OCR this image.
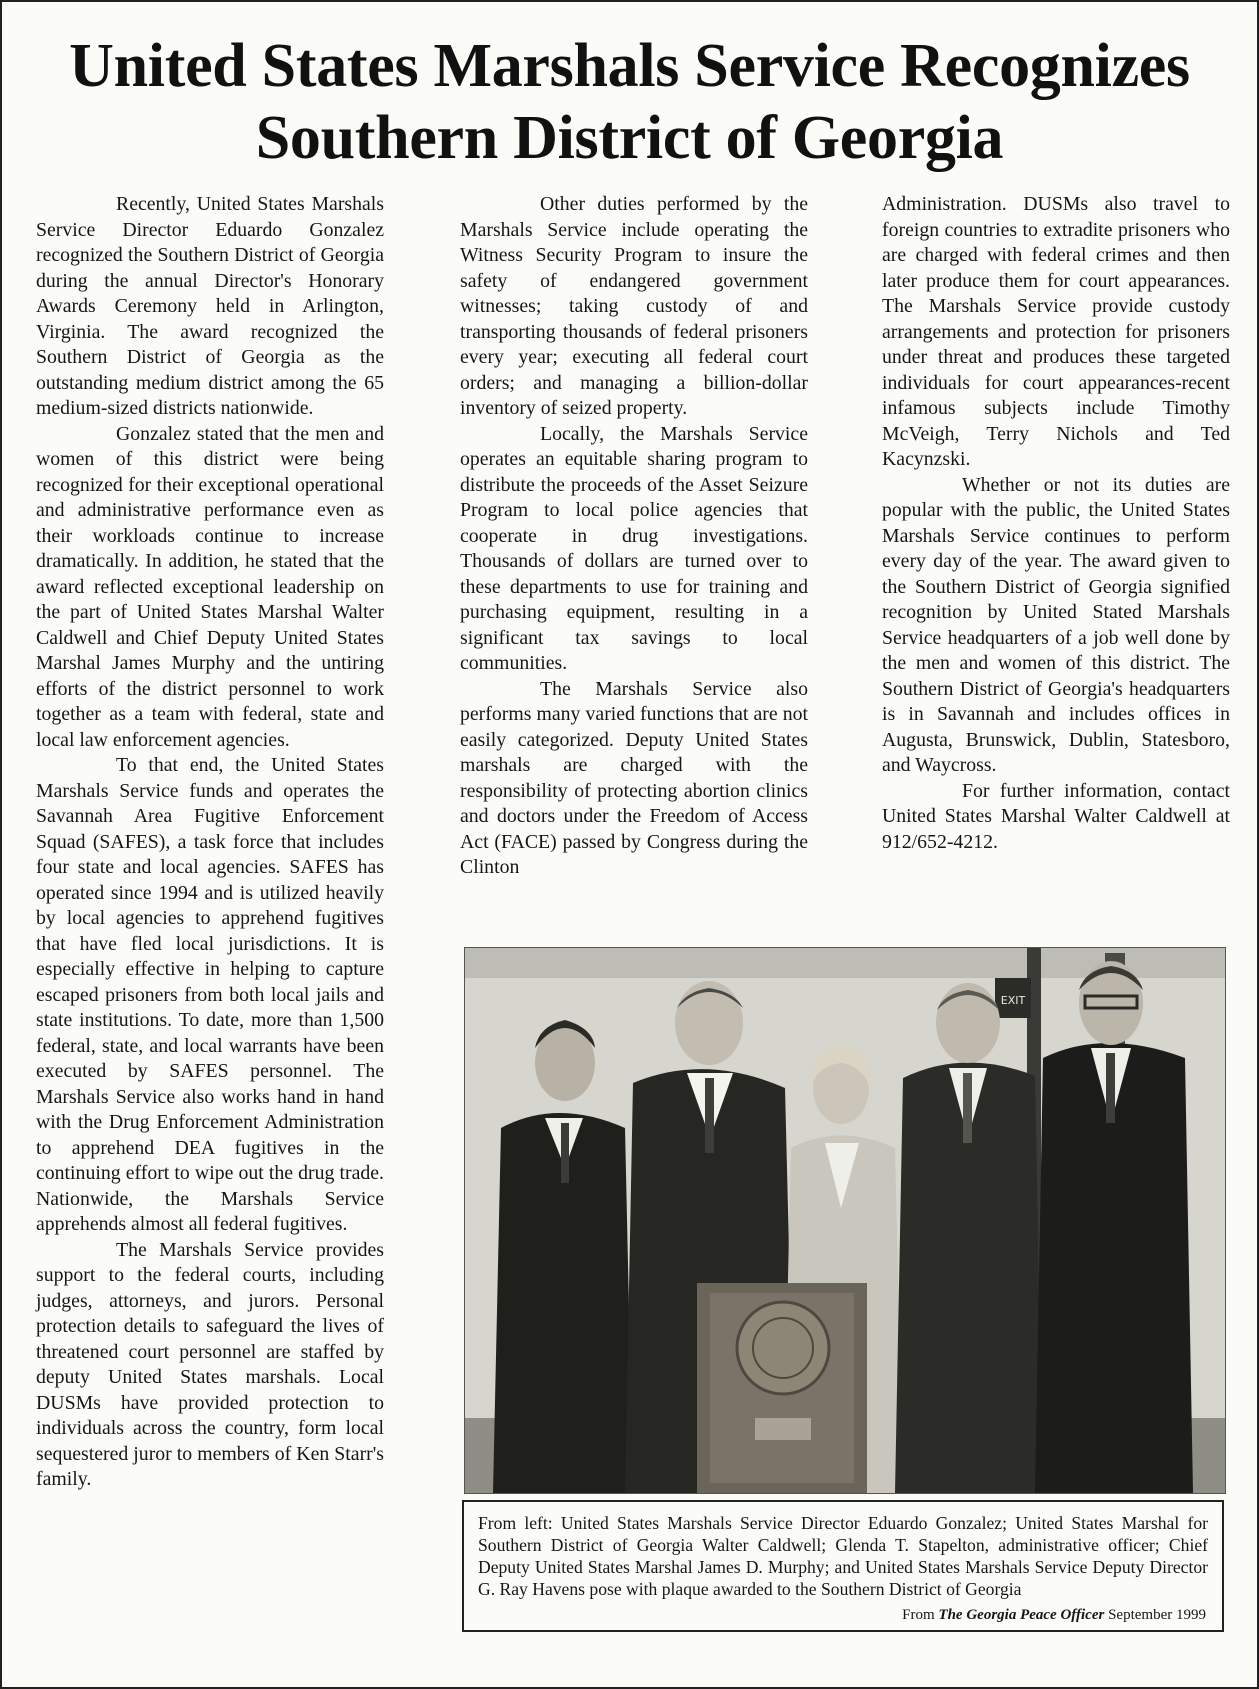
United States Marshals Service Recognizes
Southern District of Georgia

Recently, United States Marshals Service Director Eduardo Gonzalez recognized the Southern District of Georgia during the annual Director's Honorary Awards Ceremony held in Arlington, Virginia. The award recognized the Southern District of Georgia as the outstanding medium district among the 65 medium-sized districts nationwide.

Gonzalez stated that the men and women of this district were being recognized for their exceptional operational and administrative performance even as their workloads continue to increase dramatically. In addition, he stated that the award reflected exceptional leadership on the part of United States Marshal Walter Caldwell and Chief Deputy United States Marshal James Murphy and the untiring efforts of the district personnel to work together as a team with federal, state and local law enforcement agencies.

To that end, the United States Marshals Service funds and operates the Savannah Area Fugitive Enforcement Squad (SAFES), a task force that includes four state and local agencies. SAFES has operated since 1994 and is utilized heavily by local agencies to apprehend fugitives that have fled local jurisdictions. It is especially effective in helping to capture escaped prisoners from both local jails and state institutions. To date, more than 1,500 federal, state, and local warrants have been executed by SAFES personnel. The Marshals Service also works hand in hand with the Drug Enforcement Administration to apprehend DEA fugitives in the continuing effort to wipe out the drug trade. Nationwide, the Marshals Service apprehends almost all federal fugitives.

The Marshals Service provides support to the federal courts, including judges, attorneys, and jurors. Personal protection details to safeguard the lives of threatened court personnel are staffed by deputy United States marshals. Local DUSMs have provided protection to individuals across the country, form local sequestered juror to members of Ken Starr's family.

Other duties performed by the Marshals Service include operating the Witness Security Program to insure the safety of endangered government witnesses; taking custody of and transporting thousands of federal prisoners every year; executing all federal court orders; and managing a billion-dollar inventory of seized property.

Locally, the Marshals Service operates an equitable sharing program to distribute the proceeds of the Asset Seizure Program to local police agencies that cooperate in drug investigations. Thousands of dollars are turned over to these departments to use for training and purchasing equipment, resulting in a significant tax savings to local communities.

The Marshals Service also performs many varied functions that are not easily categorized. Deputy United States marshals are charged with the responsibility of protecting abortion clinics and doctors under the Freedom of Access Act (FACE) passed by Congress during the Clinton

Administration. DUSMs also travel to foreign countries to extradite prisoners who are charged with federal crimes and then later produce them for court appearances. The Marshals Service provide custody arrangements and protection for prisoners under threat and produces these targeted individuals for court appearances-recent infamous subjects include Timothy McVeigh, Terry Nichols and Ted Kacynzski.

Whether or not its duties are popular with the public, the United States Marshals Service continues to perform every day of the year. The award given to the Southern District of Georgia signified recognition by United Stated Marshals Service headquarters of a job well done by the men and women of this district. The Southern District of Georgia's headquarters is in Savannah and includes offices in Augusta, Brunswick, Dublin, Statesboro, and Waycross.

For further information, contact United States Marshal Walter Caldwell at 912/652-4212.

EXIT
From left: United States Marshals Service Director Eduardo Gonzalez; United States Marshal for Southern District of Georgia Walter Caldwell; Glenda T. Stapelton, administrative officer; Chief Deputy United States Marshal James D. Murphy; and United States Marshals Service Deputy Director G. Ray Havens pose with plaque awarded to the Southern District of Georgia
From The Georgia Peace Officer September 1999
